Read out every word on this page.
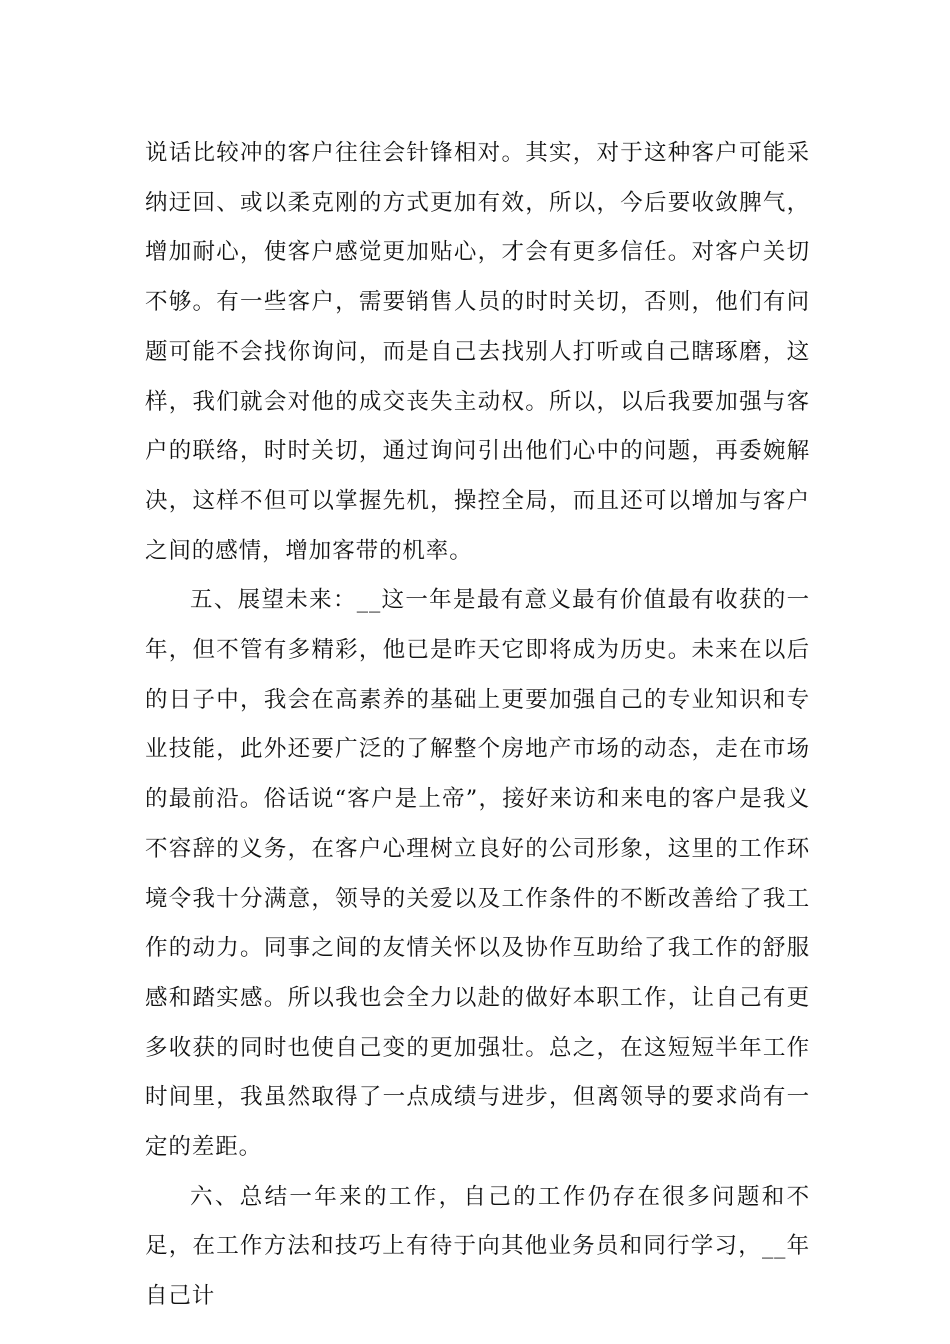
说话比较冲的客户往往会针锋相对。其实，对于这种客户可能采纳迂回、或以柔克刚的方式更加有效，所以，今后要收敛脾气，增加耐心，使客户感觉更加贴心，才会有更多信任。对客户关切不够。有一些客户，需要销售人员的时时关切，否则，他们有问题可能不会找你询问，而是自己去找别人打听或自己瞎琢磨，这样，我们就会对他的成交丧失主动权。所以，以后我要加强与客户的联络，时时关切，通过询问引出他们心中的问题，再委婉解决，这样不但可以掌握先机，操控全局，而且还可以增加与客户之间的感情，增加客带的机率。

五、展望未来：__这一年是最有意义最有价值最有收获的一年，但不管有多精彩，他已是昨天它即将成为历史。未来在以后的日子中，我会在高素养的基础上更要加强自己的专业知识和专业技能，此外还要广泛的了解整个房地产市场的动态，走在市场的最前沿。俗话说“客户是上帝”，接好来访和来电的客户是我义不容辞的义务，在客户心理树立良好的公司形象，这里的工作环境令我十分满意，领导的关爱以及工作条件的不断改善给了我工作的动力。同事之间的友情关怀以及协作互助给了我工作的舒服感和踏实感。所以我也会全力以赴的做好本职工作，让自己有更多收获的同时也使自己变的更加强壮。总之，在这短短半年工作时间里，我虽然取得了一点成绩与进步，但离领导的要求尚有一定的差距。

六、总结一年来的工作，自己的工作仍存在很多问题和不足，在工作方法和技巧上有待于向其他业务员和同行学习，__年自己计
